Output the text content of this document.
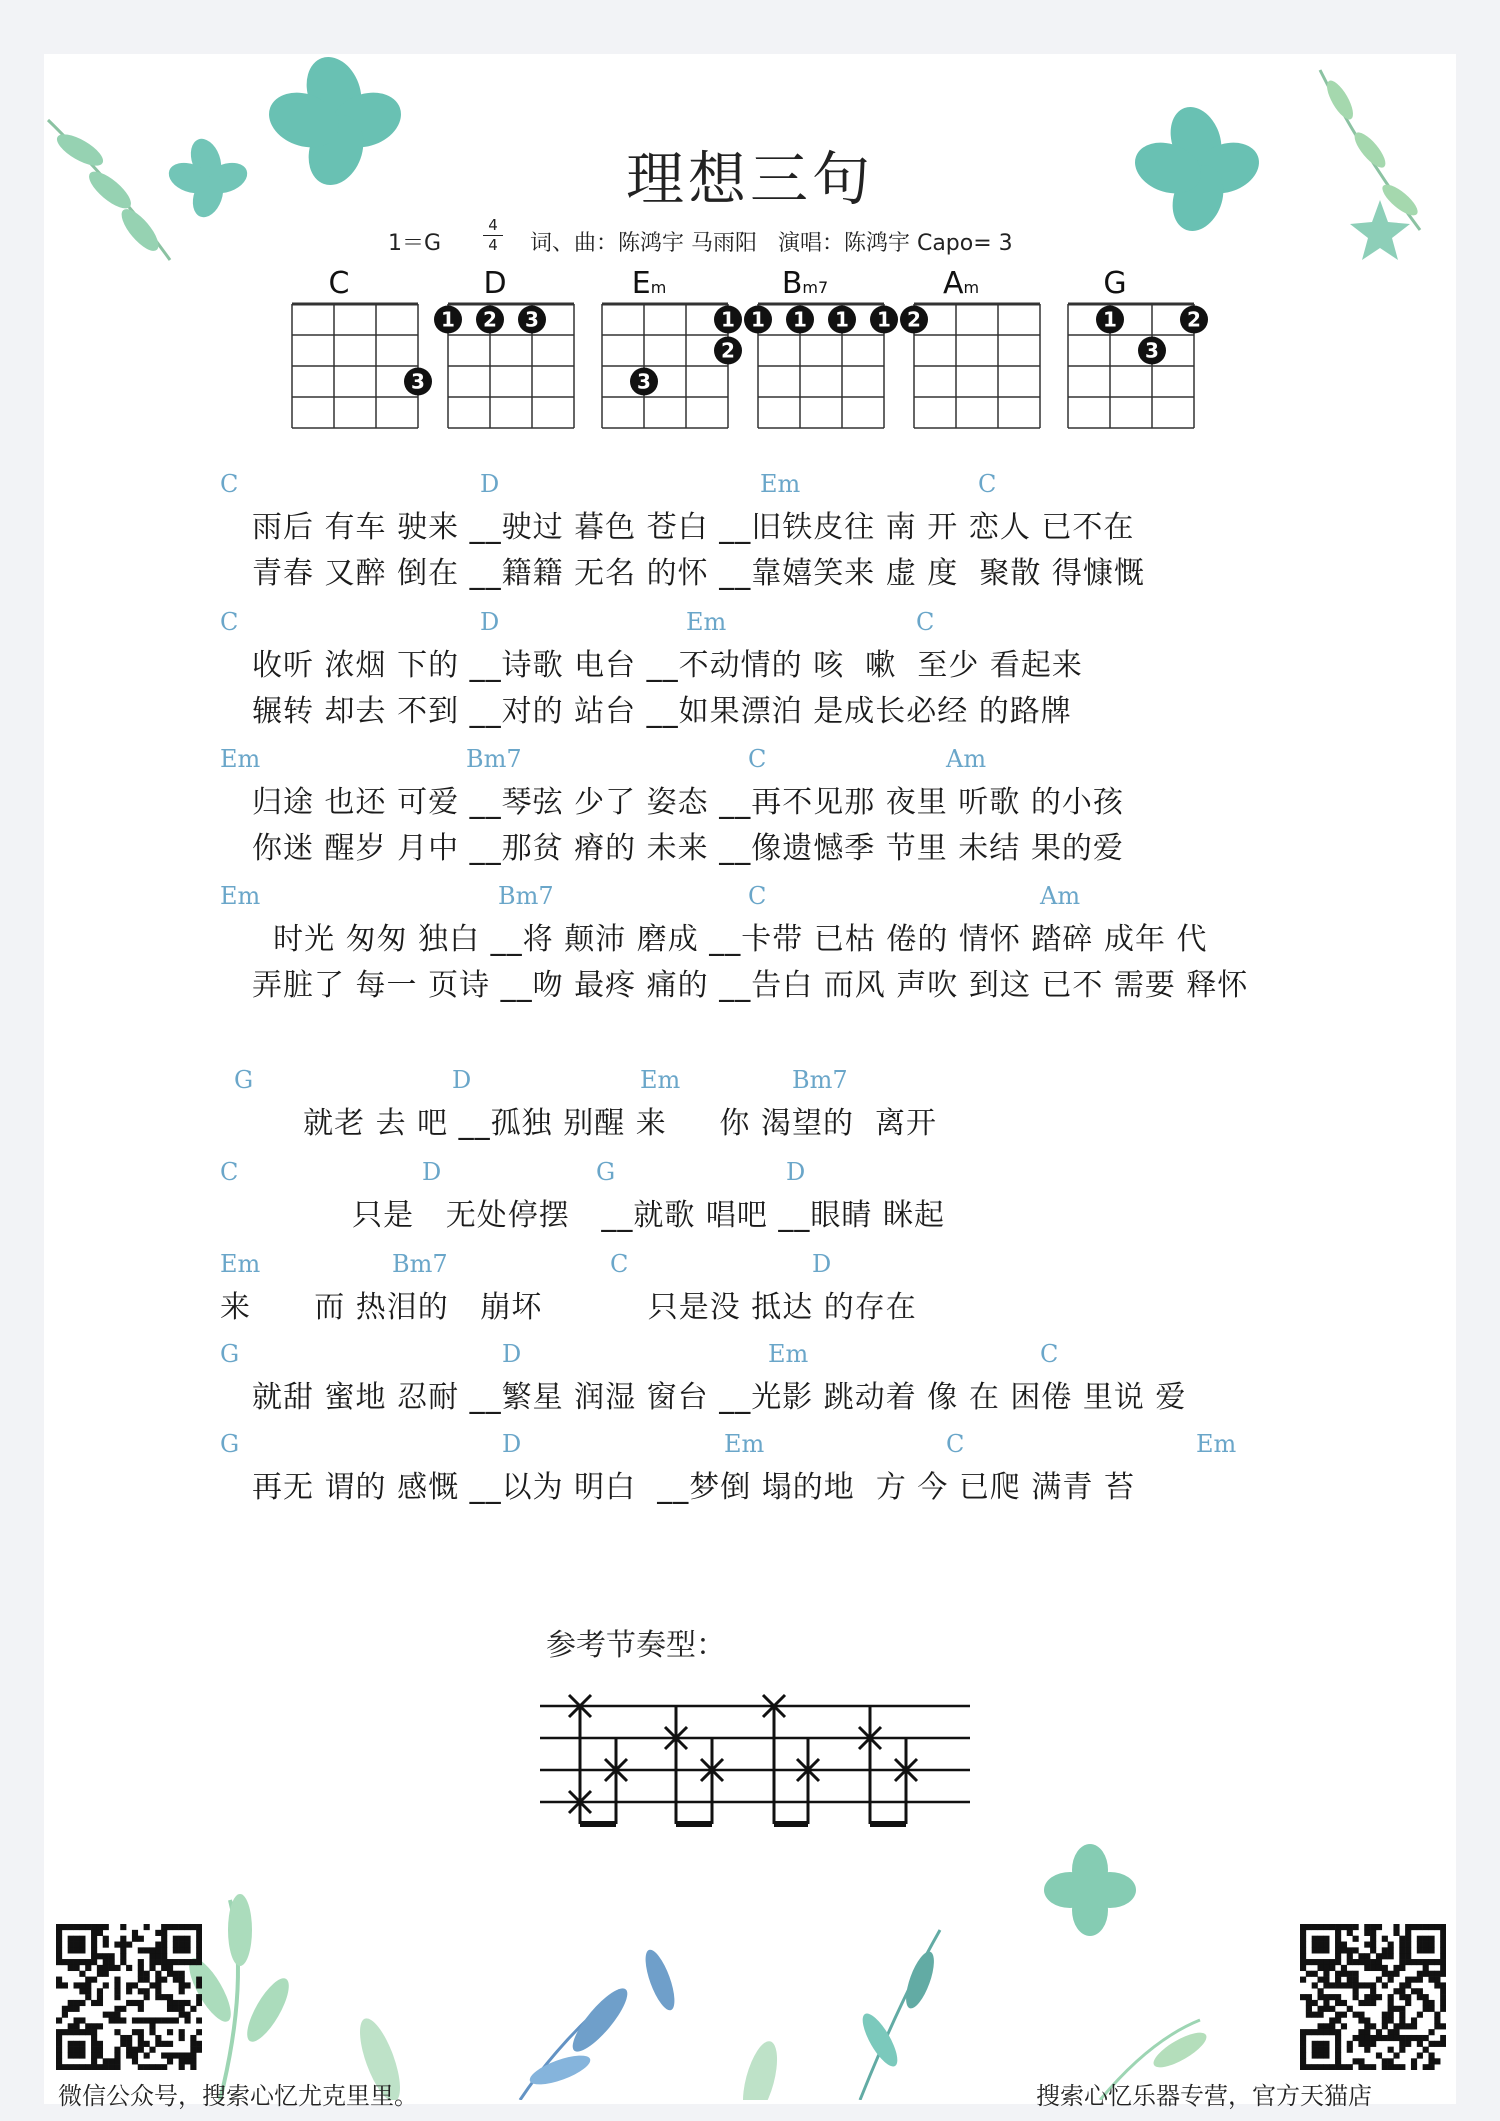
理想三句
1＝G	$\frac{4}{4}$ 词、曲：陈鸿宇 马雨阳   演唱：陈鸿宇 Capo= 3
C	D	Em	Bm7	Am	G
3
1 2 3	1
2
3
1 1 1 1 2	1	2
3
C	D	Em	C
雨后 有车 驶来 __驶过 暮色 苍白 __旧铁皮往 南 开 恋人 已不在
青春 又醉 倒在 __籍籍 无名 的怀 __靠嬉笑来 虚 度  聚散 得慷慨
C	D	Em	C
收听 浓烟 下的 __诗歌 电台 __不动情的 咳  嗽  至少 看起来
辗转 却去 不到 __对的 站台 __如果漂泊 是成长必经 的路牌
Em	Bm7	C	Am
归途 也还 可爱 __琴弦 少了 姿态 __再不见那 夜里 听歌 的小孩
你迷 醒岁 月中 __那贫 瘠的 未来 __像遗憾季 节里 未结 果的爱
Em	Bm7	C	Am
时光 匆匆 独白 __将 颠沛 磨成 __卡带 已枯 倦的 情怀 踏碎 成年 代
弄脏了 每一 页诗 __吻 最疼 痛的 __告白 而风 声吹 到这 已不 需要 释怀
G	D	Em	Bm7
就老 去 吧 __孤独 别醒 来     你 渴望的  离开
C	D	G	D
只是   无处停摆   __就歌 唱吧 __眼睛 眯起
Em	Bm7	C	D
来      而 热泪的   崩坏          只是没 抵达 的存在
G	D	Em	C
就甜 蜜地 忍耐 __繁星 润湿 窗台 __光影 跳动着 像 在 困倦 里说 爱
G	D	Em	C	Em
再无 谓的 感慨 __以为 明白  __梦倒 塌的地  方 今 已爬 满青 苔
参考节奏型：
微信公众号，搜索心忆尤克里里。	搜索心忆乐器专营，官方天猫店
